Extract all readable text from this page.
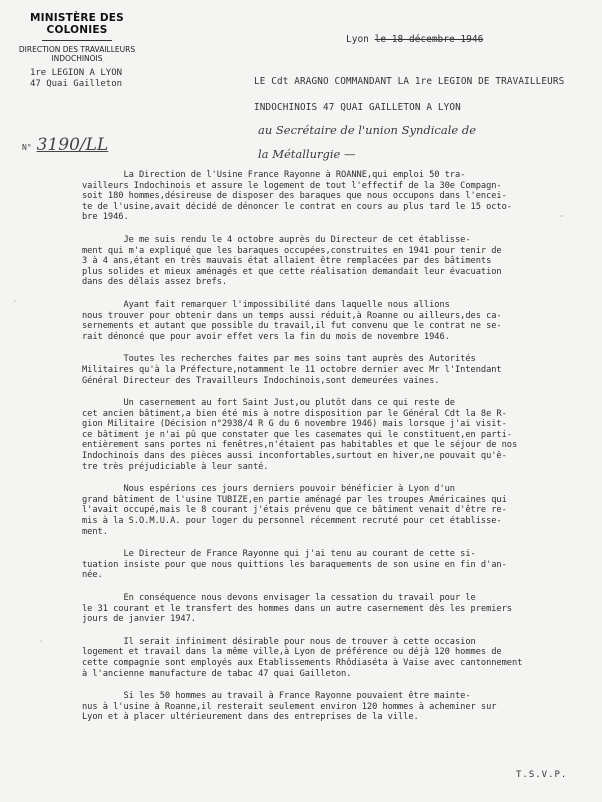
MINISTÈRE DES COLONIES
DIRECTION DES TRAVAILLEURS
INDOCHINOIS
1re LEGION A LYON
47 Quai Gailleton
Lyon le 18 décembre 1946
LE Cdt ARAGNO COMMANDANT LA 1re LEGION DE TRAVAILLEURS
INDOCHINOIS 47 QUAI GAILLETON A LYON
N° 3190/LL
au Secrétaire de l'union Syndicale de
la Métallurgie —
La Direction de l'Usine France Rayonne à ROANNE,qui emploi 50 tra-
vailleurs Indochinois et assure le logement de tout l'effectif de la 30e Compagn-
soit 180 hommes,désireuse de disposer des baraques que nous occupons dans l'encei-
te de l'usine,avait décidé de dénoncer le contrat en cours au plus tard le 15 octo-
bre 1946.
Je me suis rendu le 4 octobre auprès du Directeur de cet établisse-
ment qui m'a expliqué que les baraques occupées,construites en 1941 pour tenir de
3 à 4 ans,étant en très mauvais état allaient être remplacées par des bâtiments
plus solides et mieux aménagés et que cette réalisation demandait leur évacuation
dans des délais assez brefs.
Ayant fait remarquer l'impossibilité dans laquelle nous allions
nous trouver pour obtenir dans un temps aussi réduit,à Roanne ou ailleurs,des ca-
sernements et autant que possible du travail,il fut convenu que le contrat ne se-
rait dénoncé que pour avoir effet vers la fin du mois de novembre 1946.
Toutes les recherches faites par mes soins tant auprès des Autorités
Militaires qu'à la Préfecture,notamment le 11 octobre dernier avec Mr l'Intendant
Général Directeur des Travailleurs Indochinois,sont demeurées vaines.
Un casernement au fort Saint Just,ou plutôt dans ce qui reste de
cet ancien bâtiment,a bien été mis à notre disposition par le Général Cdt la 8e R-
gion Militaire (Décision n°2938/4 R G du 6 novembre 1946) mais lorsque j'ai visit-
ce bâtiment je n'ai pû que constater que les casemates qui le constituent,en parti-
entièrement sans portes ni fenêtres,n'étaient pas habitables et que le séjour de nos
Indochinois dans des pièces aussi inconfortables,surtout en hiver,ne pouvait qu'ê-
tre très préjudiciable à leur santé.
Nous espérions ces jours derniers pouvoir bénéficier à Lyon d'un
grand bâtiment de l'usine TUBIZE,en partie aménagé par les troupes Américaines qui
l'avait occupé,mais le 8 courant j'étais prévenu que ce bâtiment venait d'être re-
mis à la S.O.M.U.A. pour loger du personnel récemment recruté pour cet établisse-
ment.
Le Directeur de France Rayonne qui j'ai tenu au courant de cette si-
tuation insiste pour que nous quittions les baraquements de son usine en fin d'an-
née.
En conséquence nous devons envisager la cessation du travail pour le
le 31 courant et le transfert des hommes dans un autre casernement dès les premiers
jours de janvier 1947.
Il serait infiniment désirable pour nous de trouver à cette occasion
logement et travail dans la même ville,à Lyon de préférence ou déjà 120 hommes de
cette compagnie sont employés aux Etablissements Rhôdiaséta à Vaise avec cantonnement
à l'ancienne manufacture de tabac 47 quai Gailleton.
Si les 50 hommes au travail à France Rayonne pouvaient être mainte-
nus à l'usine à Roanne,il resterait seulement environ 120 hommes à acheminer sur
Lyon et à placer ultérieurement dans des entreprises de la ville.
T.S.V.P.
